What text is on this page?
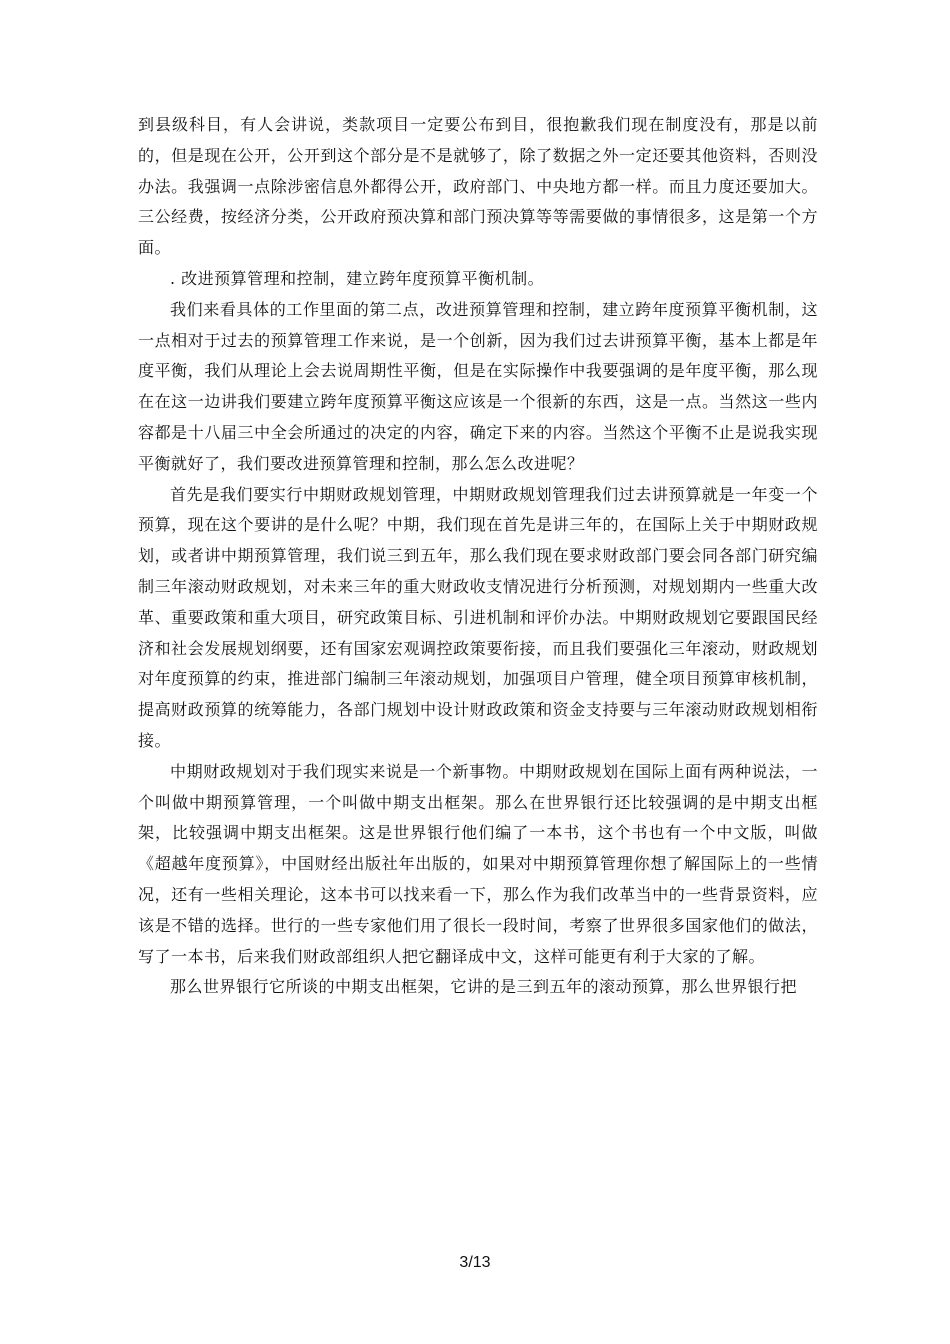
到县级科目，有人会讲说，类款项目一定要公布到目，很抱歉我们现在制度没有，那是以前的，但是现在公开，公开到这个部分是不是就够了，除了数据之外一定还要其他资料，否则没办法。我强调一点除涉密信息外都得公开，政府部门、中央地方都一样。而且力度还要加大。三公经费，按经济分类，公开政府预决算和部门预决算等等需要做的事情很多，这是第一个方面。

. 改进预算管理和控制，建立跨年度预算平衡机制。

我们来看具体的工作里面的第二点，改进预算管理和控制，建立跨年度预算平衡机制，这一点相对于过去的预算管理工作来说，是一个创新，因为我们过去讲预算平衡，基本上都是年度平衡，我们从理论上会去说周期性平衡，但是在实际操作中我要强调的是年度平衡，那么现在在这一边讲我们要建立跨年度预算平衡这应该是一个很新的东西，这是一点。当然这一些内容都是十八届三中全会所通过的决定的内容，确定下来的内容。当然这个平衡不止是说我实现平衡就好了，我们要改进预算管理和控制，那么怎么改进呢？

首先是我们要实行中期财政规划管理，中期财政规划管理我们过去讲预算就是一年变一个预算，现在这个要讲的是什么呢？中期，我们现在首先是讲三年的，在国际上关于中期财政规划，或者讲中期预算管理，我们说三到五年，那么我们现在要求财政部门要会同各部门研究编制三年滚动财政规划，对未来三年的重大财政收支情况进行分析预测，对规划期内一些重大改革、重要政策和重大项目，研究政策目标、引进机制和评价办法。中期财政规划它要跟国民经济和社会发展规划纲要，还有国家宏观调控政策要衔接，而且我们要强化三年滚动，财政规划对年度预算的约束，推进部门编制三年滚动规划，加强项目户管理，健全项目预算审核机制，提高财政预算的统筹能力，各部门规划中设计财政政策和资金支持要与三年滚动财政规划相衔接。

中期财政规划对于我们现实来说是一个新事物。中期财政规划在国际上面有两种说法，一个叫做中期预算管理，一个叫做中期支出框架。那么在世界银行还比较强调的是中期支出框架，比较强调中期支出框架。这是世界银行他们编了一本书，这个书也有一个中文版，叫做《超越年度预算》，中国财经出版社年出版的，如果对中期预算管理你想了解国际上的一些情况，还有一些相关理论，这本书可以找来看一下，那么作为我们改革当中的一些背景资料，应该是不错的选择。世行的一些专家他们用了很长一段时间，考察了世界很多国家他们的做法，写了一本书，后来我们财政部组织人把它翻译成中文，这样可能更有利于大家的了解。

那么世界银行它所谈的中期支出框架，它讲的是三到五年的滚动预算，那么世界银行把

3/13
